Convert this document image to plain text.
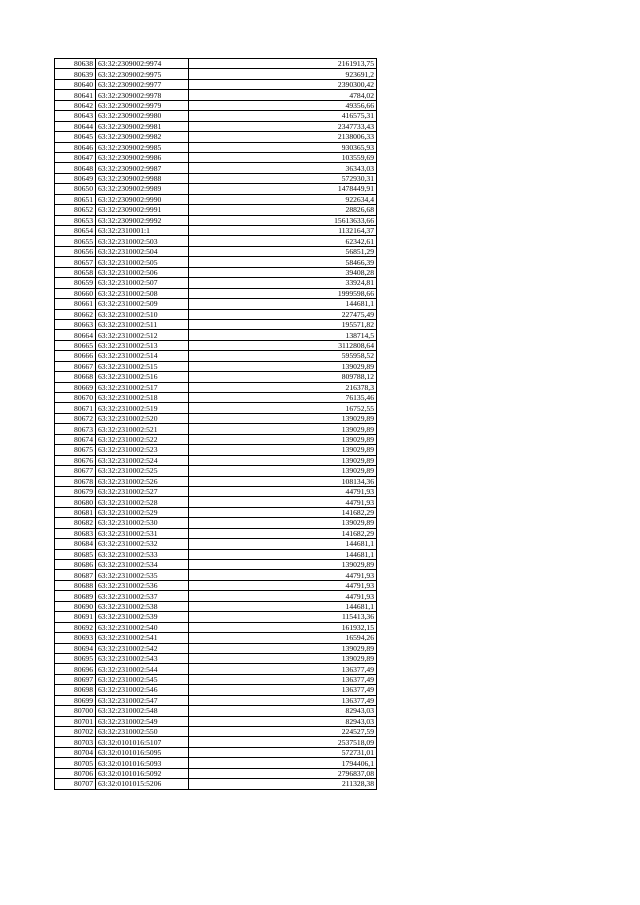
80638	63:32:2309002:9974	2161913,75
80639	63:32:2309002:9975	923691,2
80640	63:32:2309002:9977	2390300,42
80641	63:32:2309002:9978	4784,02
80642	63:32:2309002:9979	49356,66
80643	63:32:2309002:9980	416575,31
80644	63:32:2309002:9981	2347733,43
80645	63:32:2309002:9982	2138006,33
80646	63:32:2309002:9985	930365,93
80647	63:32:2309002:9986	103559,69
80648	63:32:2309002:9987	36343,03
80649	63:32:2309002:9988	572930,31
80650	63:32:2309002:9989	1478449,91
80651	63:32:2309002:9990	922634,4
80652	63:32:2309002:9991	28826,68
80653	63:32:2309002:9992	15613633,66
80654	63:32:2310001:1	1132164,37
80655	63:32:2310002:503	62342,61
80656	63:32:2310002:504	56851,29
80657	63:32:2310002:505	58466,39
80658	63:32:2310002:506	39408,28
80659	63:32:2310002:507	33924,81
80660	63:32:2310002:508	1999598,66
80661	63:32:2310002:509	144681,1
80662	63:32:2310002:510	227475,49
80663	63:32:2310002:511	195571,82
80664	63:32:2310002:512	138714,5
80665	63:32:2310002:513	3112808,64
80666	63:32:2310002:514	595958,52
80667	63:32:2310002:515	139029,89
80668	63:32:2310002:516	809788,12
80669	63:32:2310002:517	216378,3
80670	63:32:2310002:518	76135,46
80671	63:32:2310002:519	16752,55
80672	63:32:2310002:520	139029,89
80673	63:32:2310002:521	139029,89
80674	63:32:2310002:522	139029,89
80675	63:32:2310002:523	139029,89
80676	63:32:2310002:524	139029,89
80677	63:32:2310002:525	139029,89
80678	63:32:2310002:526	108134,36
80679	63:32:2310002:527	44791,93
80680	63:32:2310002:528	44791,93
80681	63:32:2310002:529	141682,29
80682	63:32:2310002:530	139029,89
80683	63:32:2310002:531	141682,29
80684	63:32:2310002:532	144681,1
80685	63:32:2310002:533	144681,1
80686	63:32:2310002:534	139029,89
80687	63:32:2310002:535	44791,93
80688	63:32:2310002:536	44791,93
80689	63:32:2310002:537	44791,93
80690	63:32:2310002:538	144681,1
80691	63:32:2310002:539	115413,36
80692	63:32:2310002:540	161932,15
80693	63:32:2310002:541	16594,26
80694	63:32:2310002:542	139029,89
80695	63:32:2310002:543	139029,89
80696	63:32:2310002:544	136377,49
80697	63:32:2310002:545	136377,49
80698	63:32:2310002:546	136377,49
80699	63:32:2310002:547	136377,49
80700	63:32:2310002:548	82943,03
80701	63:32:2310002:549	82943,03
80702	63:32:2310002:550	224527,59
80703	63:32:0101016:5107	2537518,09
80704	63:32:0101016:5095	572731,01
80705	63:32:0101016:5093	1794406,1
80706	63:32:0101016:5092	2796837,08
80707	63:32:0101015:5206	211328,38
